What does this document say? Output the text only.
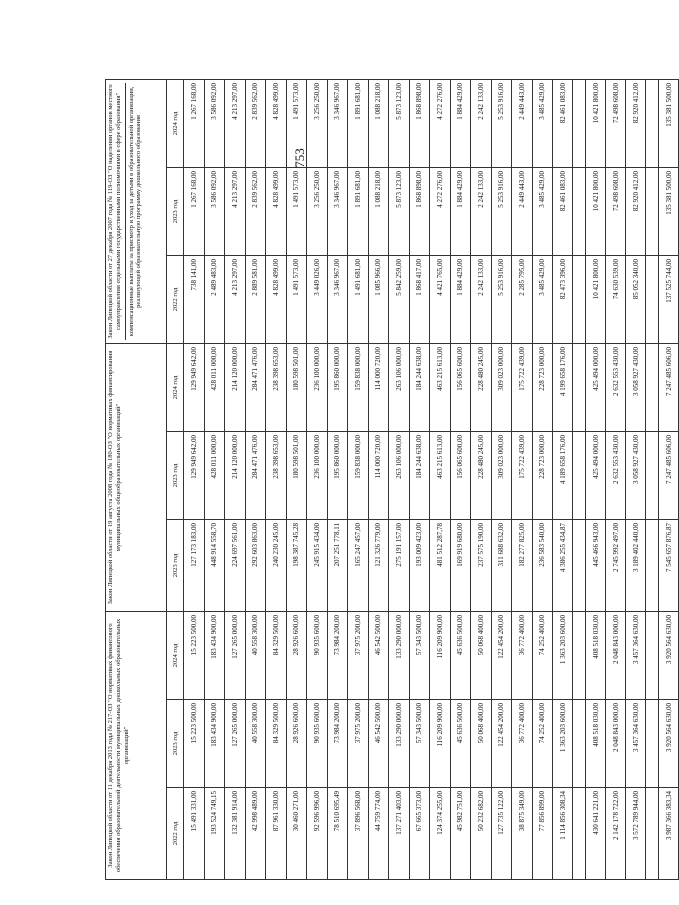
753
Закон Липецкой области от 11 декабря 2013 года № 217-ОЗ "О нормативах финансового обеспечения образовательной деятельности муниципальных дошкольных образовательных организаций"			Закон Липецкой области от 19 августа 2008 года № 180-ОЗ "О нормативах финансирования муниципальных общеобразовательных организаций"			Закон Липецкой области от 27 декабря 2007 года № 119-ОЗ "О наделении органов местного самоуправления отдельными государственными полномочиями в сфере образования" компенсационные выплаты за присмотр и уход за детьми в образовательной организации, реализующей образовательную программу дошкольного образования		

2022 год	2023 год	2024 год	2023 год	2023 год	2024 год	2022 год	2023 год	2024 год
15 491 331,00	15 223 500,00	15 223 500,00	127 173 183,00	129 949 642,00	129 949 642,00	738 141,00	1 267 168,00	1 267 168,00
193 524 749,15	183 434 900,00	183 434 900,00	448 914 558,70	428 011 000,00	428 011 000,00	2 489 483,00	3 586 092,00	3 586 092,00
132 381 914,00	127 265 000,00	127 265 000,00	224 697 561,00	214 120 000,00	214 120 000,00	4 213 297,00	4 213 297,00	4 213 297,00
42 998 489,00	40 558 300,00	40 558 300,00	292 603 863,00	284 471 476,00	284 471 476,00	2 889 581,00	2 839 562,00	2 839 562,00
87 961 330,00	84 329 500,00	84 329 500,00	240 230 245,00	238 398 653,00	238 398 653,00	4 828 499,00	4 828 499,00	4 828 499,00
30 460 271,00	28 926 600,00	28 926 600,00	198 387 745,28	180 598 501,00	180 598 501,00	1 491 573,00	1 491 573,00	1 491 573,00
92 596 996,00	90 935 600,00	90 935 600,00	245 915 434,00	236 100 000,00	236 100 000,00	3 449 026,00	3 256 250,00	3 256 250,00
78 510 695,49	73 984 200,00	73 984 200,00	207 251 778,11	195 860 000,00	195 860 000,00	3 346 967,00	3 346 967,00	3 346 967,00
37 896 568,00	37 975 200,00	37 975 200,00	165 247 457,00	159 838 000,00	159 838 000,00	1 491 681,00	1 891 681,00	1 891 681,00
44 759 774,00	46 542 500,00	46 542 500,00	121 326 779,00	114 000 720,00	114 000 720,00	1 085 966,00	1 088 218,00	1 088 218,00
137 271 403,00	133 290 000,00	133 290 000,00	275 191 157,00	263 106 000,00	263 106 000,00	5 842 259,00	5 873 123,00	5 873 123,00
67 665 373,00	57 343 500,00	57 343 500,00	193 009 423,00	184 244 638,00	184 244 638,00	1 868 417,00	1 868 898,00	1 868 898,00
124 374 255,00	116 209 900,00	116 209 900,00	481 512 287,78	463 215 613,00	463 215 613,00	4 421 765,00	4 272 276,00	4 272 276,00
45 982 751,00	45 636 500,00	45 636 500,00	169 919 680,00	156 065 600,00	156 065 600,00	1 884 429,00	1 884 429,00	1 884 429,00
50 232 682,00	50 068 400,00	50 068 400,00	237 575 190,00	228 480 245,00	228 480 245,00	2 242 133,00	2 242 133,00	2 242 133,00
127 735 122,00	122 454 200,00	122 454 200,00	311 688 632,00	309 023 000,00	309 023 000,00	5 253 916,00	5 253 916,00	5 253 916,00
38 875 349,00	36 772 400,00	36 772 400,00	182 277 825,00	175 722 439,00	175 722 439,00	2 285 795,00	2 449 443,00	2 449 443,00
77 856 899,00	74 252 400,00	74 252 400,00	236 583 540,00	228 723 000,00	228 723 000,00	3 485 429,00	3 485 429,00	3 485 429,00
1 114 856 308,34	1 363 203 600,00	1 363 203 600,00	4 386 255 434,87	4 189 658 176,00	4 199 658 176,00	82 473 396,00	82 461 083,00	82 461 083,00

430 641 221,00	408 518 030,00	408 518 030,00	445 466 943,00	425 494 000,00	425 494 000,00	10 421 800,00	10 421 800,00	10 421 800,00
2 142 178 722,00	2 048 843 000,00	2 048 843 000,00	2 745 992 497,00	2 632 553 430,00	2 632 553 430,00	74 630 539,00	72 498 608,00	72 498 608,00
3 572 789 944,00	3 457 364 630,00	3 457 364 630,00	3 189 402 440,00	3 058 927 430,00	3 058 927 430,00	85 052 340,00	82 920 412,00	82 920 412,00

3 987 366 383,34	3 920 564 630,00	3 920 564 630,00	7 545 657 876,87	7 247 485 606,00	7 247 485 606,00	137 525 744,00	135 381 500,00	135 381 500,00
